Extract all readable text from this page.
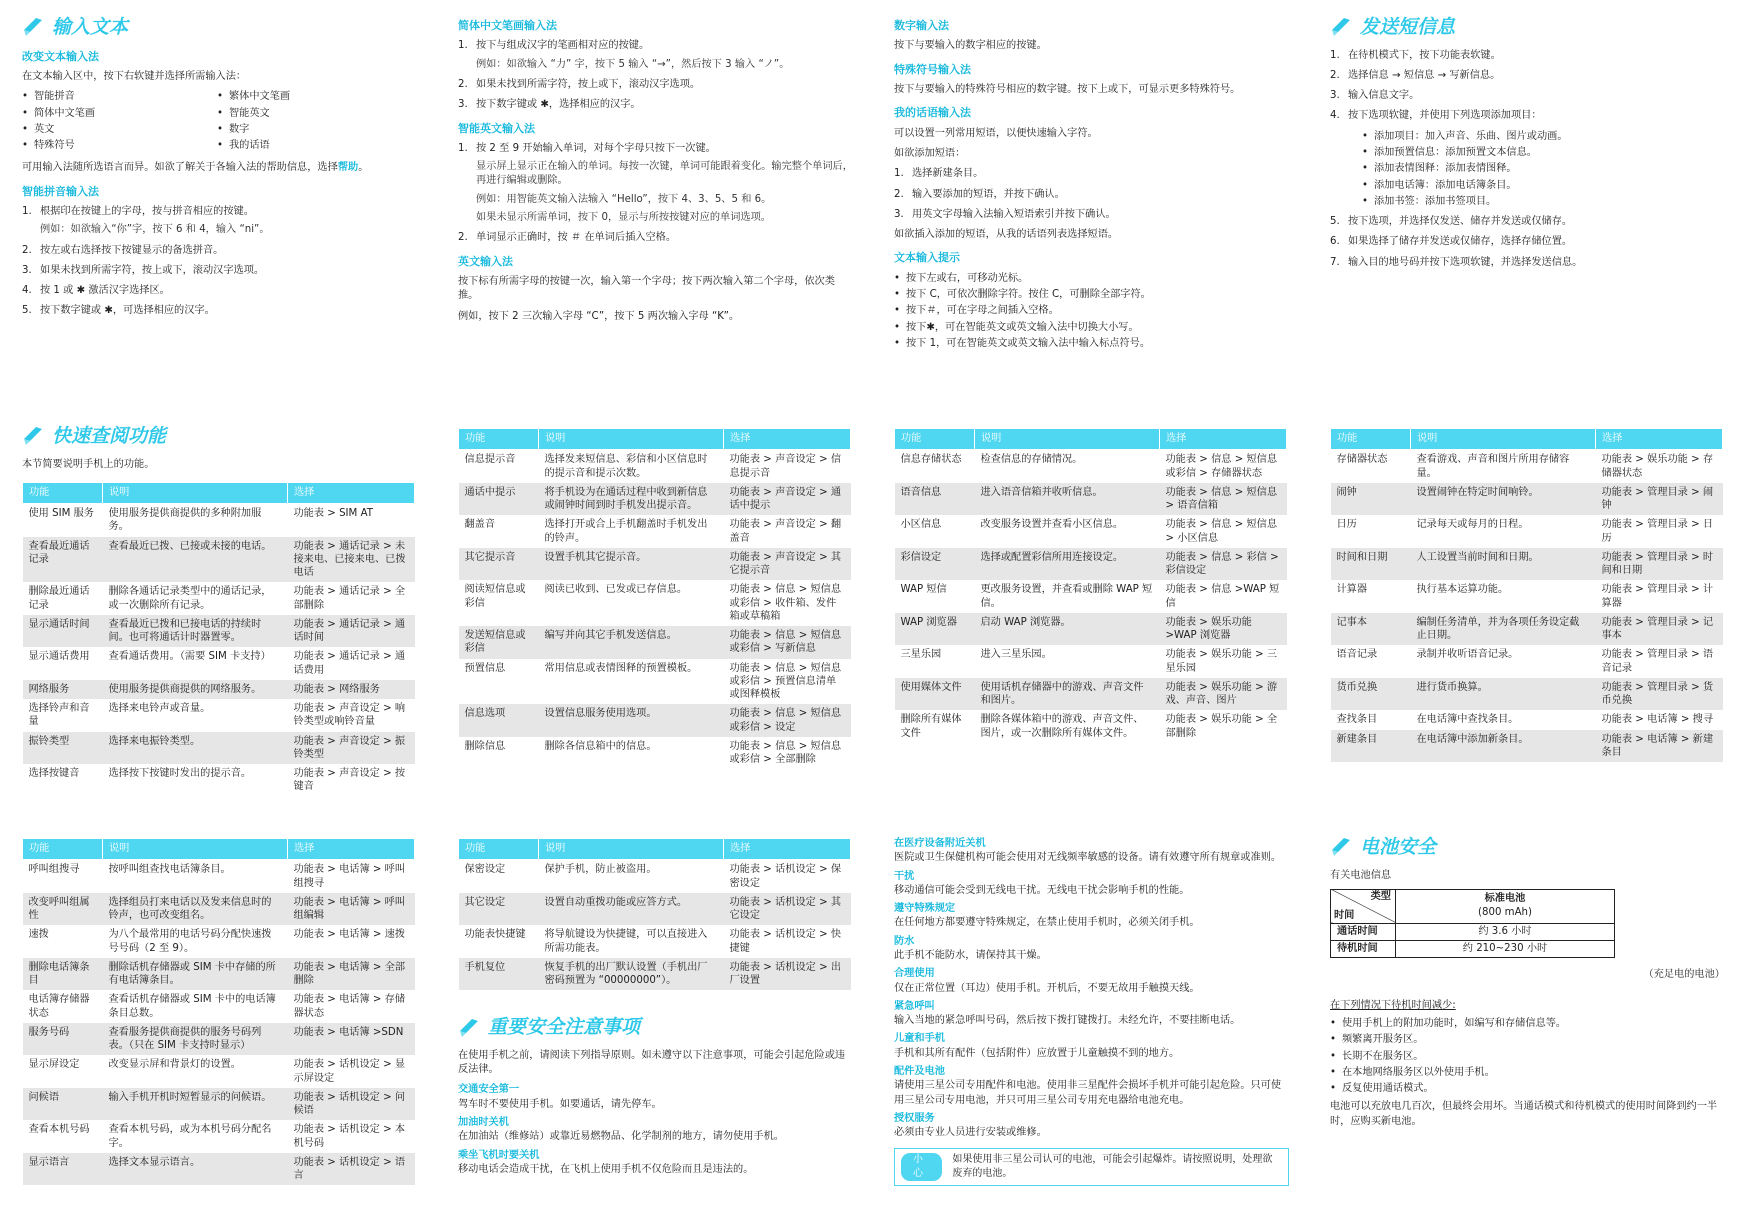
输入文本
改变文本输入法

在文本输入区中，按下右软键并选择所需输入法：

• 智能拼音	• 繁体中文笔画
• 简体中文笔画	• 智能英文
• 英文	• 数字
• 特殊符号	• 我的话语

可用输入法随所选语言而异。如欲了解关于各输入法的帮助信息，选择帮助。

智能拼音输入法
1. 根据印在按键上的字母，按与拼音相应的按键。
例如：如欲输入“你”字，按下 6 和 4，输入 “ni”。
2. 按左或右选择按下按键显示的备选拼音。
3. 如果未找到所需字符，按上或下，滚动汉字选项。
4. 按 1 或 ✱ 激活汉字选择区。
5. 按下数字键或 ✱，可选择相应的汉字。
简体中文笔画输入法
1. 按下与组成汉字的笔画相对应的按键。
例如：如欲输入 “力” 字，按下 5 输入 “→”，然后按下 3 输入 “ノ”。
2. 如果未找到所需字符，按上或下，滚动汉字选项。
3. 按下数字键或 ✱，选择相应的汉字。
智能英文输入法
1. 按 2 至 9 开始输入单词，对每个字母只按下一次键。
显示屏上显示正在输入的单词。每按一次键，单词可能跟着变化。输完整个单词后，再进行编辑或删除。
例如：用智能英文输入法输入 “Hello”，按下 4、3、5、5 和 6。
如果未显示所需单词，按下 0，显示与所按按键对应的单词选项。
2. 单词显示正确时，按 ＃ 在单词后插入空格。
英文输入法

按下标有所需字母的按键一次，输入第一个字母；按下两次输入第二个字母，依次类推。

例如，按下 2 三次输入字母 “C”，按下 5 两次输入字母 “K”。

数字输入法

按下与要输入的数字相应的按键。

特殊符号输入法

按下与要输入的特殊符号相应的数字键。按下上或下，可显示更多特殊符号。

我的话语输入法

可以设置一列常用短语，以便快速输入字符。

如欲添加短语：

1. 选择新建条目。
2. 输入要添加的短语，并按下确认。
3. 用英文字母输入法输入短语索引并按下确认。

如欲插入添加的短语，从我的话语列表选择短语。

文本输入提示
• 按下左或右，可移动光标。
• 按下 C，可依次删除字符。按住 C，可删除全部字符。
• 按下＃，可在字母之间插入空格。
• 按下✱，可在智能英文或英文输入法中切换大小写。
• 按下 1，可在智能英文或英文输入法中输入标点符号。
发送短信息
1. 在待机模式下，按下功能表软键。
2. 选择信息 → 短信息 → 写新信息。
3. 输入信息文字。
4. 按下选项软键，并使用下列选项添加项目：
• 添加项目：加入声音、乐曲、图片或动画。
• 添加预置信息：添加预置文本信息。
• 添加表情图释：添加表情图释。
• 添加电话簿：添加电话簿条目。
• 添加书签：添加书签项目。
5. 按下选项，并选择仅发送、储存并发送或仅储存。
6. 如果选择了储存并发送或仅储存，选择存储位置。
7. 输入目的地号码并按下选项软键，并选择发送信息。
快速查阅功能

本节简要说明手机上的功能。

功能	说明	选择
使用 SIM 服务	使用服务提供商提供的多种附加服务。	功能表 > SIM AT
查看最近通话记录	查看最近已拨、已接或未接的电话。	功能表 > 通话记录 > 未接来电、已接来电、已拨电话
删除最近通话记录	删除各通话记录类型中的通话记录，或一次删除所有记录。	功能表 > 通话记录 > 全部删除
显示通话时间	查看最近已拨和已接电话的持续时间。也可将通话计时器置零。	功能表 > 通话记录 > 通话时间
显示通话费用	查看通话费用。（需要 SIM 卡支持）	功能表 > 通话记录 > 通话费用
网络服务	使用服务提供商提供的网络服务。	功能表 > 网络服务
选择铃声和音量	选择来电铃声或音量。	功能表 > 声音设定 > 响铃类型或响铃音量
振铃类型	选择来电振铃类型。	功能表 > 声音设定 > 振铃类型
选择按键音	选择按下按键时发出的提示音。	功能表 > 声音设定 > 按键音
功能	说明	选择
信息提示音	选择发来短信息、彩信和小区信息时的提示音和提示次数。	功能表 > 声音设定 > 信息提示音
通话中提示	将手机设为在通话过程中收到新信息或闹钟时间到时手机发出提示音。	功能表 > 声音设定 > 通话中提示
翻盖音	选择打开或合上手机翻盖时手机发出的铃声。	功能表 > 声音设定 > 翻盖音
其它提示音	设置手机其它提示音。	功能表 > 声音设定 > 其它提示音
阅读短信息或彩信	阅读已收到、已发或已存信息。	功能表 > 信息 > 短信息或彩信 > 收件箱、发件箱或草稿箱
发送短信息或彩信	编写并向其它手机发送信息。	功能表 > 信息 > 短信息或彩信 > 写新信息
预置信息	常用信息或表情图释的预置模板。	功能表 > 信息 > 短信息或彩信 > 预置信息清单或图释模板
信息选项	设置信息服务使用选项。	功能表 > 信息 > 短信息或彩信 > 设定
删除信息	删除各信息箱中的信息。	功能表 > 信息 > 短信息或彩信 > 全部删除
功能	说明	选择
信息存储状态	检查信息的存储情况。	功能表 > 信息 > 短信息或彩信 > 存储器状态
语音信息	进入语音信箱并收听信息。	功能表 > 信息 > 短信息 > 语音信箱
小区信息	改变服务设置并查看小区信息。	功能表 > 信息 > 短信息 > 小区信息
彩信设定	选择或配置彩信所用连接设定。	功能表 > 信息 > 彩信 > 彩信设定
WAP 短信	更改服务设置，并查看或删除 WAP 短信。	功能表 > 信息 >WAP 短信
WAP 浏览器	启动 WAP 浏览器。	功能表 > 娱乐功能 >WAP 浏览器
三星乐园	进入三星乐园。	功能表 > 娱乐功能 > 三星乐园
使用媒体文件	使用话机存储器中的游戏、声音文件和图片。	功能表 > 娱乐功能 > 游戏、声音、图片
删除所有媒体文件	删除各媒体箱中的游戏、声音文件、图片，或一次删除所有媒体文件。	功能表 > 娱乐功能 > 全部删除
功能	说明	选择
存储器状态	查看游戏、声音和图片所用存储容量。	功能表 > 娱乐功能 > 存储器状态
闹钟	设置闹钟在特定时间响铃。	功能表 > 管理目录 > 闹钟
日历	记录每天或每月的日程。	功能表 > 管理目录 > 日历
时间和日期	人工设置当前时间和日期。	功能表 > 管理目录 > 时间和日期
计算器	执行基本运算功能。	功能表 > 管理目录 > 计算器
记事本	编制任务清单，并为各项任务设定截止日期。	功能表 > 管理目录 > 记事本
语音记录	录制并收听语音记录。	功能表 > 管理目录 > 语音记录
货币兑换	进行货币换算。	功能表 > 管理目录 > 货币兑换
查找条目	在电话簿中查找条目。	功能表 > 电话簿 > 搜寻
新建条目	在电话簿中添加新条目。	功能表 > 电话簿 > 新建条目
功能	说明	选择
呼叫组搜寻	按呼叫组查找电话簿条目。	功能表 > 电话簿 > 呼叫组搜寻
改变呼叫组属性	选择组员打来电话以及发来信息时的铃声，也可改变组名。	功能表 > 电话簿 > 呼叫组编辑
速拨	为八个最常用的电话号码分配快速拨号号码（2 至 9）。	功能表 > 电话簿 > 速拨
删除电话簿条目	删除话机存储器或 SIM 卡中存储的所有电话簿条目。	功能表 > 电话簿 > 全部删除
电话簿存储器状态	查看话机存储器或 SIM 卡中的电话簿条目总数。	功能表 > 电话簿 > 存储器状态
服务号码	查看服务提供商提供的服务号码列表。（只在 SIM 卡支持时显示）	功能表 > 电话簿 >SDN
显示屏设定	改变显示屏和背景灯的设置。	功能表 > 话机设定 > 显示屏设定
问候语	输入手机开机时短暂显示的问候语。	功能表 > 话机设定 > 问候语
查看本机号码	查看本机号码，或为本机号码分配名字。	功能表 > 话机设定 > 本机号码
显示语言	选择文本显示语言。	功能表 > 话机设定 > 语言
功能	说明	选择
保密设定	保护手机，防止被盗用。	功能表 > 话机设定 > 保密设定
其它设定	设置自动重拨功能或应答方式。	功能表 > 话机设定 > 其它设定
功能表快捷键	将导航键设为快捷键，可以直接进入所需功能表。	功能表 > 话机设定 > 快捷键
手机复位	恢复手机的出厂默认设置（手机出厂密码预置为 “00000000”）。	功能表 > 话机设定 > 出厂设置
重要安全注意事项

在使用手机之前，请阅读下列指导原则。如未遵守以下注意事项，可能会引起危险或违反法律。

交通安全第一
驾车时不要使用手机。如要通话，请先停车。
加油时关机
在加油站（维修站）或靠近易燃物品、化学制剂的地方，请勿使用手机。
乘坐飞机时要关机
移动电话会造成干扰，在飞机上使用手机不仅危险而且是违法的。
在医疗设备附近关机
医院或卫生保健机构可能会使用对无线频率敏感的设备。请有效遵守所有规章或准则。
干扰
移动通信可能会受到无线电干扰。无线电干扰会影响手机的性能。
遵守特殊规定
在任何地方都要遵守特殊规定，在禁止使用手机时，必须关闭手机。
防水
此手机不能防水，请保持其干燥。
合理使用
仅在正常位置（耳边）使用手机。开机后，不要无故用手触摸天线。
紧急呼叫
输入当地的紧急呼叫号码，然后按下拨打键拨打。未经允许，不要挂断电话。
儿童和手机
手机和其所有配件（包括附件）应放置于儿童触摸不到的地方。
配件及电池
请使用三星公司专用配件和电池。使用非三星配件会损坏手机并可能引起危险。只可使用三星公司专用电池，并只可用三星公司专用充电器给电池充电。
授权服务
必须由专业人员进行安装或维修。
小心
如果使用非三星公司认可的电池，可能会引起爆炸。请按照说明，处理欲废弃的电池。
电池安全

有关电池信息

类型
时间	标准电池
(800 mAh)
通话时间	约 3.6 小时
待机时间	约 210~230 小时

（充足电的电池）

在下列情况下待机时间减少:

• 使用手机上的附加功能时，如编写和存储信息等。
• 频繁离开服务区。
• 长期不在服务区。
• 在本地网络服务区以外使用手机。
• 反复使用通话模式。

电池可以充放电几百次，但最终会用坏。当通话模式和待机模式的使用时间降到约一半时，应购买新电池。
